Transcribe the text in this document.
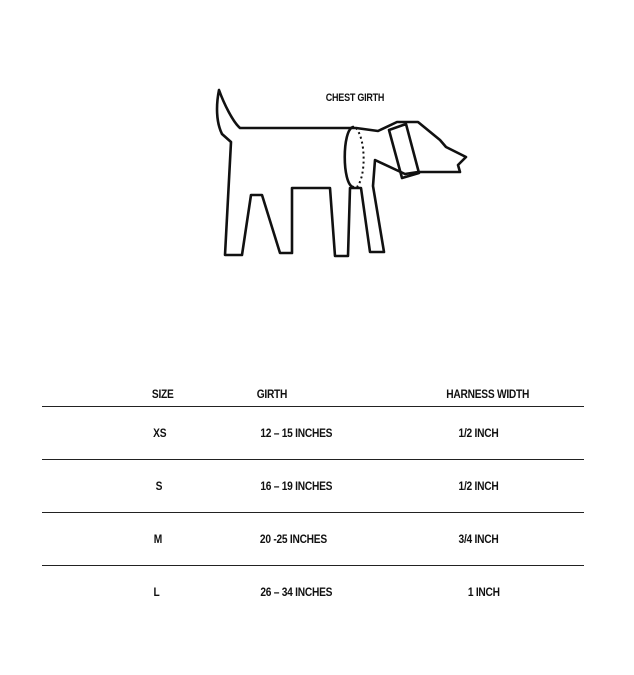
CHEST GIRTH
SIZE	GIRTH	HARNESS WIDTH
XS	12 – 15 INCHES	1/2 INCH
S	16 – 19 INCHES	1/2 INCH
M	20 -25 INCHES	3/4 INCH
L	26 – 34 INCHES	1 INCH
